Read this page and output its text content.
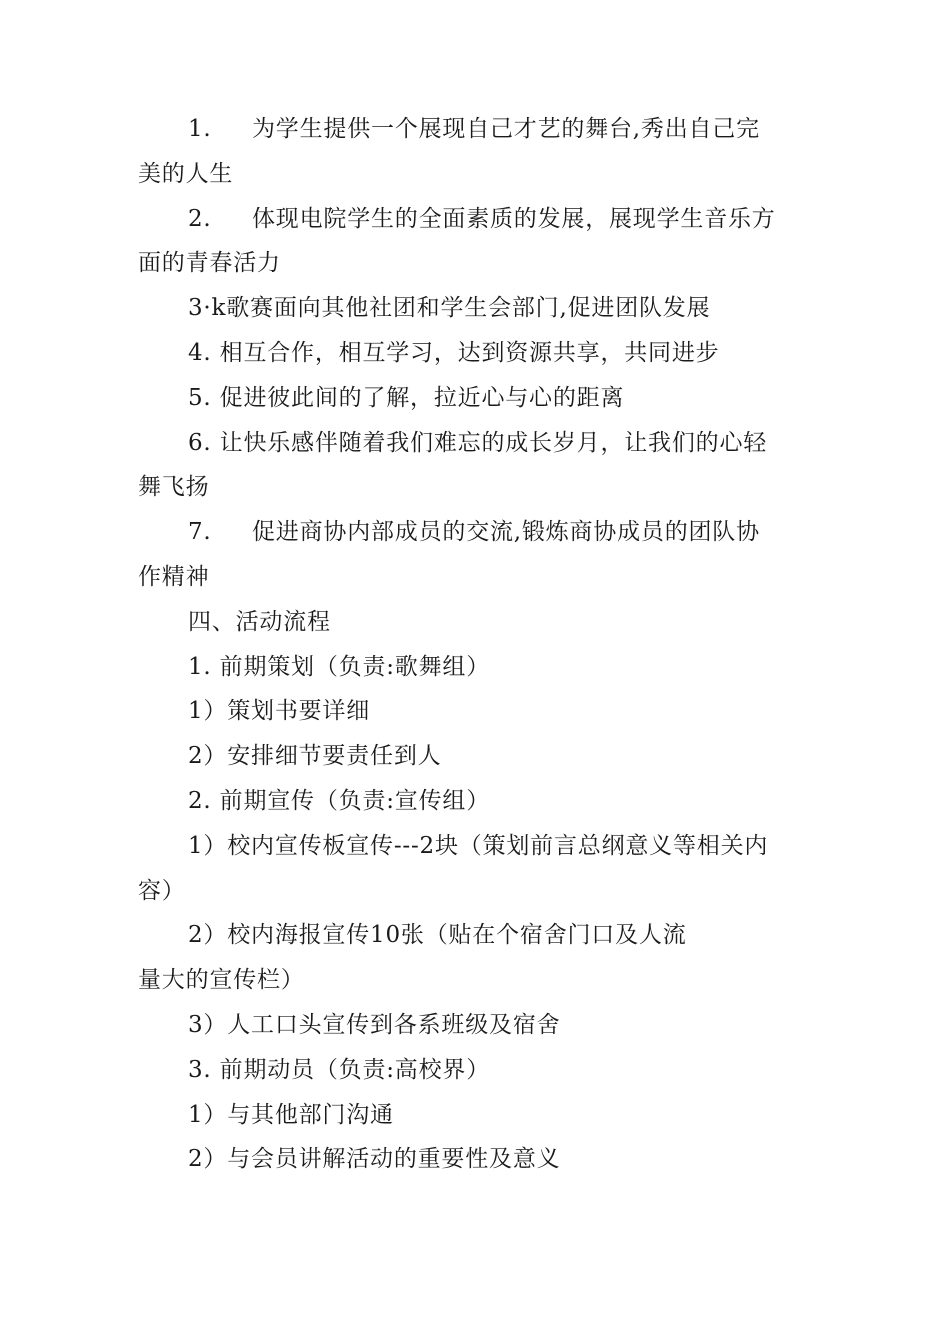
1. 为学生提供一个展现自己才艺的舞台,秀出自己完
美的人生
2. 体现电院学生的全面素质的发展，展现学生音乐方
面的青春活力
3·k歌赛面向其他社团和学生会部门,促进团队发展
4. 相互合作，相互学习，达到资源共享，共同进步
5. 促进彼此间的了解，拉近心与心的距离
6. 让快乐感伴随着我们难忘的成长岁月，让我们的心轻
舞飞扬
7. 促进商协内部成员的交流,锻炼商协成员的团队协
作精神
四、活动流程
1. 前期策划（负责:歌舞组）
1）策划书要详细
2）安排细节要责任到人
2. 前期宣传（负责:宣传组）
1）校内宣传板宣传---2块（策划前言总纲意义等相关内
容）
2）校内海报宣传10张（贴在个宿舍门口及人流
量大的宣传栏）
3）人工口头宣传到各系班级及宿舍
3. 前期动员（负责:高校界）
1）与其他部门沟通
2）与会员讲解活动的重要性及意义
